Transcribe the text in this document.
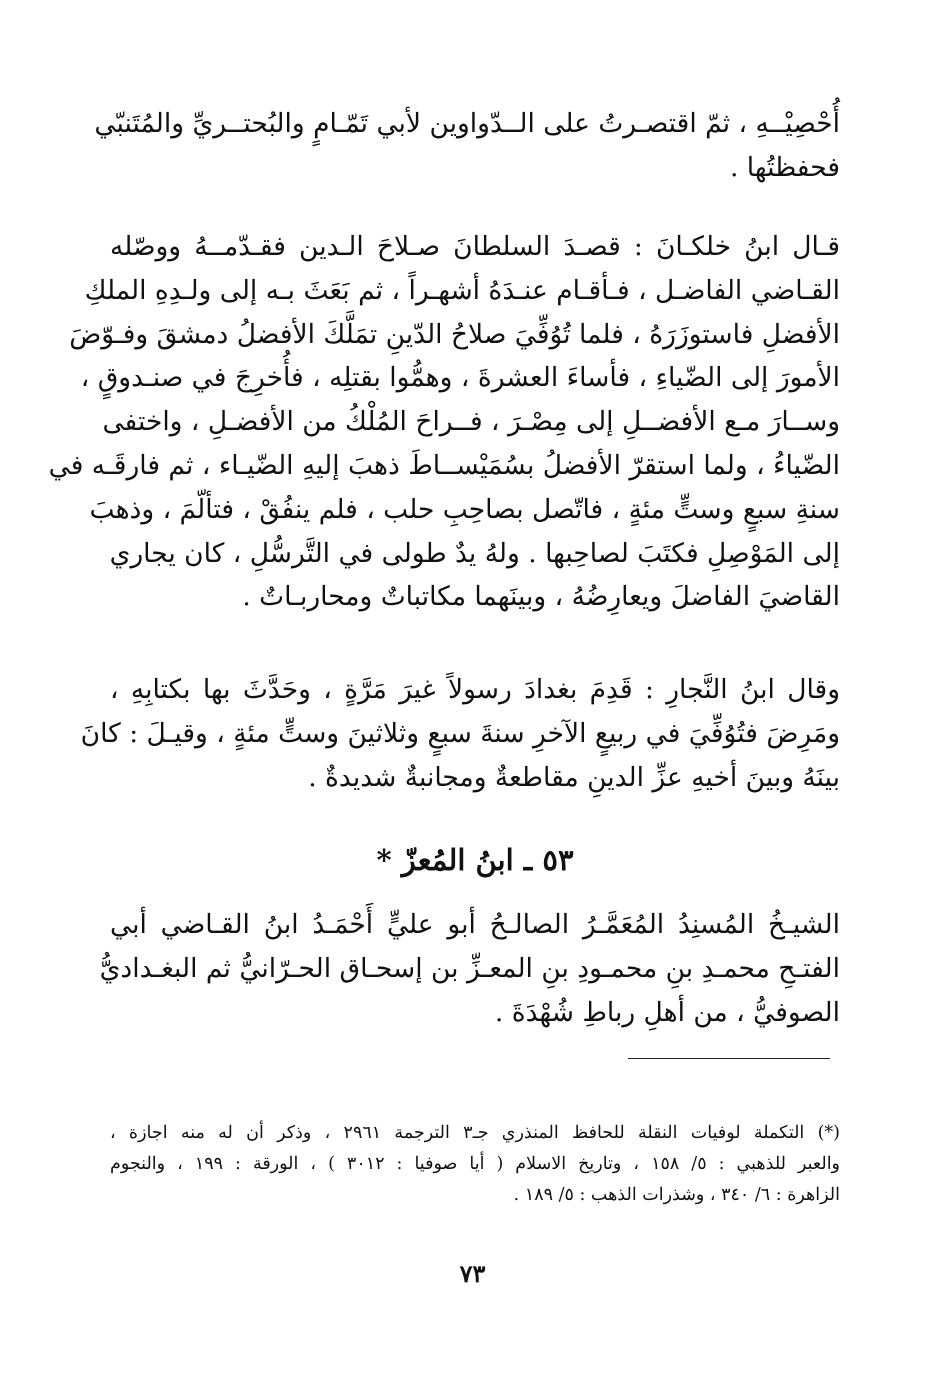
أُحْصِيْــهِ ، ثمّ اقتصـرتُ على الــدّواوين لأبي تَمّـامٍ والبُحتــريِّ والمُتَنبّي
فحفظتُها .
قـال ابنُ خلكـانَ : قصـدَ السلطانَ صـلاحَ الـدين فقـدّمــهُ ووصّله
القـاضي الفاضـل ، فـأقـام عنـدَهُ أشهـراً ، ثم بَعَثَ بـه إلى ولـدِهِ الملكِ
الأفضلِ فاستوزَرَهُ ، فلما تُوُفِّيَ صلاحُ الدّينِ تمَلَّكَ الأفضلُ دمشقَ وفـوّضَ
الأمورَ إلى الضّياءِ ، فأساءَ العشرةَ ، وهمُّوا بقتلِه ، فأُخرِجَ في صنـدوقٍ ،
وســارَ مـع الأفضــلِ إلى مِصْـرَ ، فــراحَ المُلْكُ من الأفضـلِ ، واختفى
الضّياءُ ، ولما استقرّ الأفضلُ بسُمَيْســاطَ ذهبَ إليهِ الضّيـاء ، ثم فارقَـه في
سنةِ سبعٍ وستٍّ مئةٍ ، فاتّصل بصاحِبِ حلب ، فلم ينفُقْ ، فتألّمَ ، وذهبَ
إلى المَوْصِلِ فكتَبَ لصاحِبها . ولهُ يدٌ طولى في التَّرسُّلِ ، كان يجاري
القاضيَ الفاضلَ ويعارِضُهُ ، وبينَهما مكاتباتٌ ومحاربـاتٌ .
وقال ابنُ النَّجارِ : قَدِمَ بغدادَ رسولاً غيرَ مَرَّةٍ ، وحَدَّثَ بها بكتابِهِ ،
ومَرِضَ فتُوُفِّيَ في ربيعٍ الآخرِ سنةَ سبعٍ وثلاثينَ وستٍّ مئةٍ ، وقيـلَ : كانَ
بينَهُ وبينَ أخيهِ عزِّ الدينِ مقاطعةٌ ومجانبةٌ شديدةٌ .
٥٣ ـ ابنُ المُعزّ *
الشيـخُ المُسنِدُ المُعَمَّـرُ الصالـحُ أبو عليٍّ أَحْمَـدُ ابنُ القـاضي أبي
الفتـحِ محمـدِ بنِ محمـودِ بنِ المعـزِّ بن إسحـاق الحـرّانيُّ ثم البغـداديُّ
الصوفيُّ ، من أهلِ رباطِ شُهْدَةَ .
(*) التكملة لوفيات النقلة للحافظ المنذري جـ٣ الترجمة ٢٩٦١ ، وذكر أن له منه اجازة ،
والعبر للذهبي : ٥/ ١٥٨ ، وتاريخ الاسلام ( أيا صوفيا : ٣٠١٢ ) ، الورقة : ١٩٩ ، والنجوم
الزاهرة : ٦/ ٣٤٠ ، وشذرات الذهب : ٥/ ١٨٩ .
٧٣
